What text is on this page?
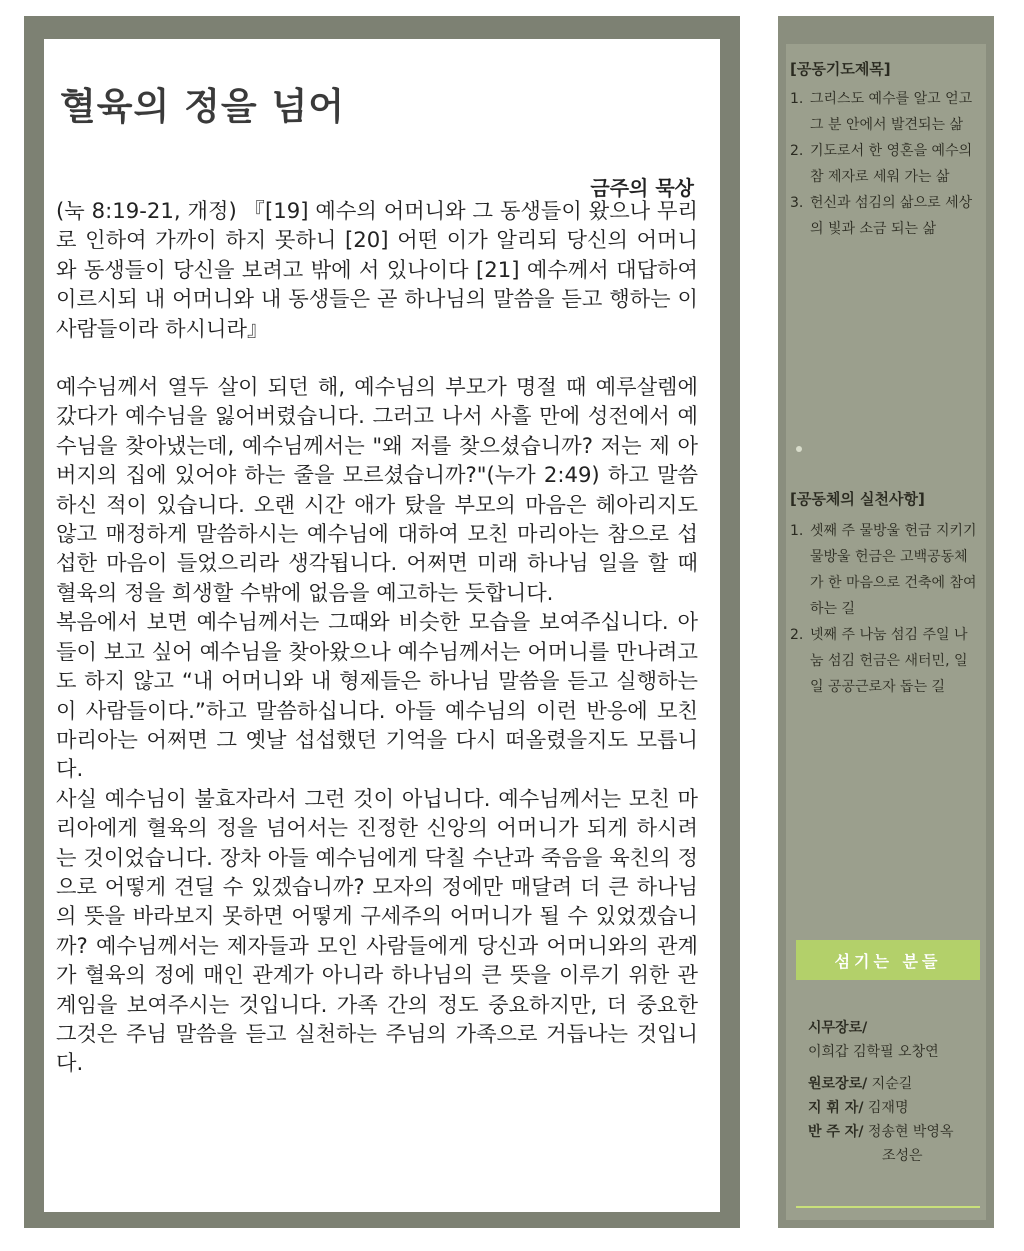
혈육의 정을 넘어
금주의 묵상

(눅 8:19-21, 개정) 『[19] 예수의 어머니와 그 동생들이 왔으나 무리로 인하여 가까이 하지 못하니 [20] 어떤 이가 알리되 당신의 어머니와 동생들이 당신을 보려고 밖에 서 있나이다 [21] 예수께서 대답하여 이르시되 내 어머니와 내 동생들은 곧 하나님의 말씀을 듣고 행하는 이 사람들이라 하시니라』

예수님께서 열두 살이 되던 해, 예수님의 부모가 명절 때 예루살렘에 갔다가 예수님을 잃어버렸습니다. 그러고 나서 사흘 만에 성전에서 예수님을 찾아냈는데, 예수님께서는 "왜 저를 찾으셨습니까? 저는 제 아버지의 집에 있어야 하는 줄을 모르셨습니까?"(누가 2:49) 하고 말씀하신 적이 있습니다. 오랜 시간 애가 탔을 부모의 마음은 헤아리지도 않고 매정하게 말씀하시는 예수님에 대하여 모친 마리아는 참으로 섭섭한 마음이 들었으리라 생각됩니다. 어쩌면 미래 하나님 일을 할 때 혈육의 정을 희생할 수밖에 없음을 예고하는 듯합니다.

복음에서 보면 예수님께서는 그때와 비슷한 모습을 보여주십니다. 아들이 보고 싶어 예수님을 찾아왔으나 예수님께서는 어머니를 만나려고도 하지 않고 “내 어머니와 내 형제들은 하나님 말씀을 듣고 실행하는 이 사람들이다.”하고 말씀하십니다. 아들 예수님의 이런 반응에 모친 마리아는 어쩌면 그 옛날 섭섭했던 기억을 다시 떠올렸을지도 모릅니다.

사실 예수님이 불효자라서 그런 것이 아닙니다. 예수님께서는 모친 마리아에게 혈육의 정을 넘어서는 진정한 신앙의 어머니가 되게 하시려는 것이었습니다. 장차 아들 예수님에게 닥칠 수난과 죽음을 육친의 정으로 어떻게 견딜 수 있겠습니까? 모자의 정에만 매달려 더 큰 하나님의 뜻을 바라보지 못하면 어떻게 구세주의 어머니가 될 수 있었겠습니까? 예수님께서는 제자들과 모인 사람들에게 당신과 어머니와의 관계가 혈육의 정에 매인 관계가 아니라 하나님의 큰 뜻을 이루기 위한 관계임을 보여주시는 것입니다. 가족 간의 정도 중요하지만, 더 중요한 그것은 주님 말씀을 듣고 실천하는 주님의 가족으로 거듭나는 것입니다.

[공동기도제목]
1. 그리스도 예수를 알고 얻고 그 분 안에서 발견되는 삶
2. 기도로서 한 영혼을 예수의 참 제자로 세워 가는 삶
3. 헌신과 섬김의 삶으로 세상의 빛과 소금 되는 삶
[공동체의 실천사항]
1. 셋째 주 물방울 헌금 지키기 물방울 헌금은 고백공동체가 한 마음으로 건축에 참여하는 길
2. 넷째 주 나눔 섬김 주일 나눔 섬김 헌금은 새터민, 일 일 공공근로자 돕는 길
섬기는 분들
시무장로/
이희갑 김학필 오창연
원로장로/ 지순길
지 휘 자/ 김재명
반 주 자/ 정송현 박영옥
조성은
